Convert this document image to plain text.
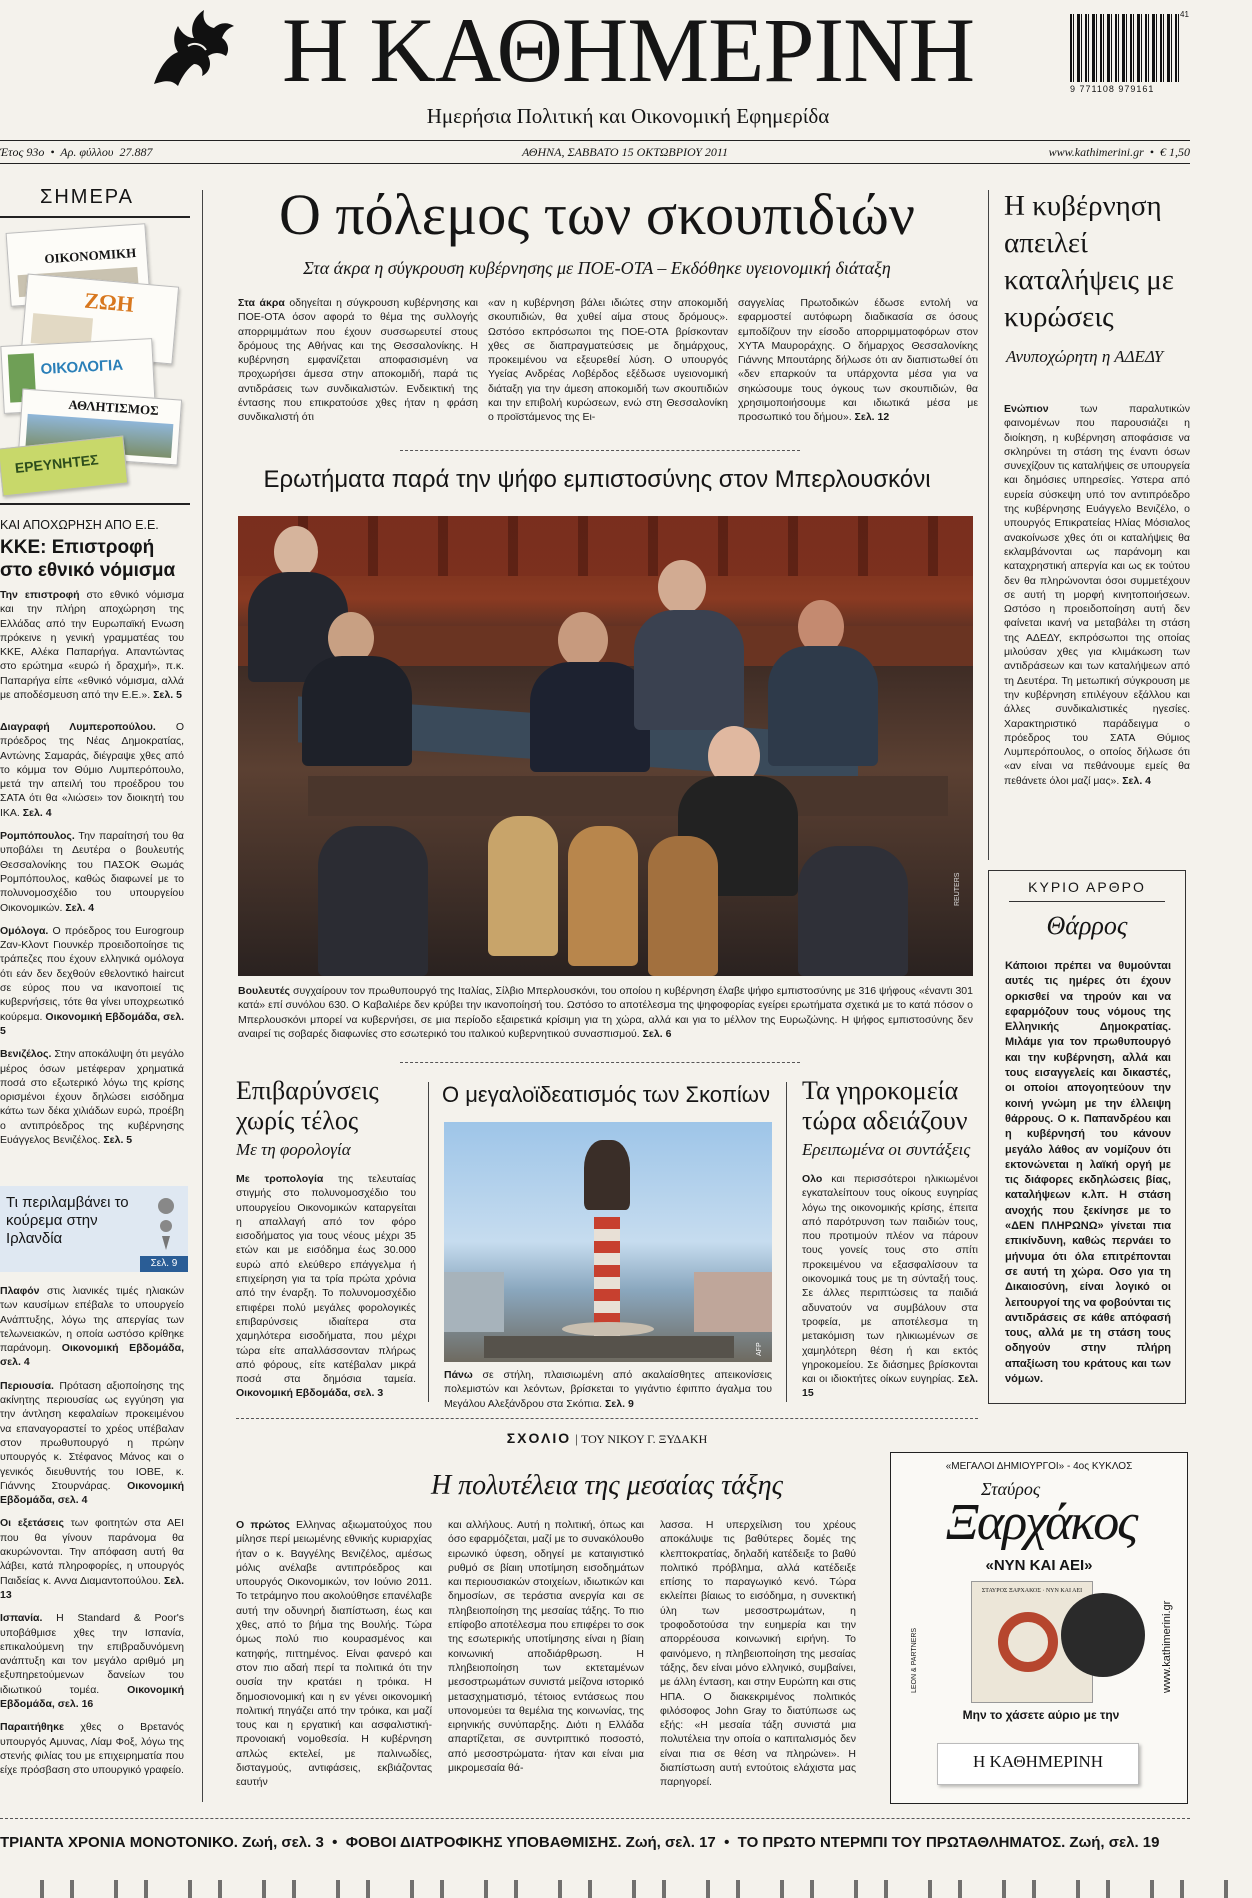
Η ΚΑΘΗΜΕΡΙΝΗ
Ημερήσια Πολιτική και Οικονομική Εφημερίδα
41
9 771108 979161
Έτος 93ο  •  Αρ. φύλλου  27.887	ΑΘΗΝΑ, ΣΑΒΒΑΤΟ 15 ΟΚΤΩΒΡΙΟΥ 2011	www.kathimerini.gr  •  € 1,50
ΣΗΜΕΡΑ
ΟΙΚΟΝΟΜΙΚΗ
ΖΩΗ
ΟΙΚΟΛΟΓΙΑ
ΑΘΛΗΤΙΣΜΟΣ
ΕΡΕΥΝΗΤΕΣ
ΚΑΙ ΑΠΟΧΩΡΗΣΗ ΑΠΟ Ε.Ε.
ΚΚΕ: Επιστροφή στο εθνικό νόμισμα
Την επιστροφή στο εθνικό νόμισμα και την πλήρη αποχώρηση της Ελλάδας από την Ευρωπαϊκή Ενωση πρόκεινε η γενική γραμματέας του ΚΚΕ, Αλέκα Παπαρήγα. Απαντώντας στο ερώτημα «ευρώ ή δραχμή», π.κ. Παπαρήγα είπε «εθνικό νόμισμα, αλλά με αποδέσμευση από την Ε.Ε.». Σελ. 5

Διαγραφή Λυμπεροπούλου. Ο πρόεδρος της Νέας Δημοκρατίας, Αντώνης Σαμαράς, διέγραψε χθες από το κόμμα τον Θύμιο Λυμπερόπουλο, μετά την απειλή του προέδρου του ΣΑΤΑ ότι θα «λιώσει» τον διοικητή του ΙΚΑ. Σελ. 4

Ρομπόπουλος. Την παραίτησή του θα υποβάλει τη Δευτέρα ο βουλευτής Θεσσαλονίκης του ΠΑΣΟΚ Θωμάς Ρομπόπουλος, καθώς διαφωνεί με το πολυνομοσχέδιο του υπουργείου Οικονομικών. Σελ. 4

Ομόλογα. Ο πρόεδρος του Eurogroup Ζαν-Κλοντ Γιουνκέρ προειδοποίησε τις τράπεζες που έχουν ελληνικά ομόλογα ότι εάν δεν δεχθούν εθελοντικό haircut σε εύρος που να ικανοποιεί τις κυβερνήσεις, τότε θα γίνει υποχρεωτικό κούρεμα. Οικονομική Εβδομάδα, σελ. 5

Βενιζέλος. Στην αποκάλυψη ότι μεγάλο μέρος όσων μετέφεραν χρηματικά ποσά στο εξωτερικό λόγω της κρίσης ορισμένοι έχουν δηλώσει εισόδημα κάτω των δέκα χιλιάδων ευρώ, προέβη ο αντιπρόεδρος της κυβέρνησης Ευάγγελος Βενιζέλος. Σελ. 5

Τι περιλαμβάνει το κούρεμα στην Ιρλανδία
Σελ. 9

Πλαφόν στις λιανικές τιμές ηλιακών των καυσίμων επέβαλε το υπουργείο Ανάπτυξης, λόγω της απεργίας των τελωνειακών, η οποία ωστόσο κρίθηκε παράνομη. Οικονομική Εβδομάδα, σελ. 4

Περιουσία. Πρόταση αξιοποίησης της ακίνητης περιουσίας ως εγγύηση για την άντληση κεφαλαίων προκειμένου να επαναγοραστεί το χρέος υπέβαλαν στον πρωθυπουργό η πρώην υπουργός κ. Στέφανος Μάνος και ο γενικός διευθυντής του ΙΟΒΕ, κ. Γιάννης Στουρνάρας. Οικονομική Εβδομάδα, σελ. 4

Οι εξετάσεις των φοιτητών στα ΑΕΙ που θα γίνουν παράνομα θα ακυρώνονται. Την απόφαση αυτή θα λάβει, κατά πληροφορίες, η υπουργός Παιδείας κ. Αννα Διαμαντοπούλου. Σελ. 13

Ισπανία. Η Standard & Poor's υποβάθμισε χθες την Ισπανία, επικαλούμενη την επιβραδυνόμενη ανάπτυξη και τον μεγάλο αριθμό μη εξυπηρετούμενων δανείων του ιδιωτικού τομέα. Οικονομική Εβδομάδα, σελ. 16

Παραιτήθηκε χθες ο Βρετανός υπουργός Αμυνας, Λίαμ Φοξ, λόγω της στενής φιλίας του με επιχειρηματία που είχε πρόσβαση στο υπουργικό γραφείο.

Ο πόλεμος των σκουπιδιών
Στα άκρα η σύγκρουση κυβέρνησης με ΠΟΕ-ΟΤΑ – Εκδόθηκε υγειονομική διάταξη
Στα άκρα οδηγείται η σύγκρουση κυβέρνησης και ΠΟΕ-ΟΤΑ όσον αφορά το θέμα της συλλογής απορριμμάτων που έχουν συσσωρευτεί στους δρόμους της Αθήνας και της Θεσσαλονίκης. Η κυβέρνηση εμφανίζεται αποφασισμένη να προχωρήσει άμεσα στην αποκομιδή, παρά τις αντιδράσεις των συνδικαλιστών. Ενδεικτική της έντασης που επικρατούσε χθες ήταν η φράση συνδικαλιστή ότι
«αν η κυβέρνηση βάλει ιδιώτες στην αποκομιδή σκουπιδιών, θα χυθεί αίμα στους δρόμους». Ωστόσο εκπρόσωποι της ΠΟΕ-ΟΤΑ βρίσκονταν χθες σε διαπραγματεύσεις με δημάρχους, προκειμένου να εξευρεθεί λύση. Ο υπουργός Υγείας Ανδρέας Λοβέρδος εξέδωσε υγειονομική διάταξη για την άμεση αποκομιδή των σκουπιδιών και την επιβολή κυρώσεων, ενώ στη Θεσσαλονίκη ο προϊστάμενος της Ει-
σαγγελίας Πρωτοδικών έδωσε εντολή να εφαρμοστεί αυτόφωρη διαδικασία σε όσους εμποδίζουν την είσοδο απορριμματοφόρων στον ΧΥΤΑ Μαυροράχης. Ο δήμαρχος Θεσσαλονίκης Γιάννης Μπουτάρης δήλωσε ότι αν διαπιστωθεί ότι «δεν επαρκούν τα υπάρχοντα μέσα για να σηκώσουμε τους όγκους των σκουπιδιών, θα χρησιμοποιήσουμε και ιδιωτικά μέσα με προσωπικό του δήμου». Σελ. 12
Ερωτήματα παρά την ψήφο εμπιστοσύνης στον Μπερλουσκόνι
REUTERS
Βουλευτές συγχαίρουν τον πρωθυπουργό της Ιταλίας, Σίλβιο Μπερλουσκόνι, του οποίου η κυβέρνηση έλαβε ψήφο εμπιστοσύνης με 316 ψήφους «έναντι 301 κατά» επί συνόλου 630. Ο Καβαλιέρε δεν κρύβει την ικανοποίησή του. Ωστόσο το αποτέλεσμα της ψηφοφορίας εγείρει ερωτήματα σχετικά με το κατά πόσον ο Μπερλουσκόνι μπορεί να κυβερνήσει, σε μια περίοδο εξαιρετικά κρίσιμη για τη χώρα, αλλά και για το μέλλον της Ευρωζώνης. Η ψήφος εμπιστοσύνης δεν αναιρεί τις σοβαρές διαφωνίες στο εσωτερικό του ιταλικού κυβερνητικού συνασπισμού. Σελ. 6
Η κυβέρνηση απειλεί καταλήψεις με κυρώσεις
Ανυποχώρητη η ΑΔΕΔΥ
Ενώπιον των παραλυτικών φαινομένων που παρουσιάζει η διοίκηση, η κυβέρνηση αποφάσισε να σκληρύνει τη στάση της έναντι όσων συνεχίζουν τις καταλήψεις σε υπουργεία και δημόσιες υπηρεσίες. Υστερα από ευρεία σύσκεψη υπό τον αντιπρόεδρο της κυβέρνησης Ευάγγελο Βενιζέλο, ο υπουργός Επικρατείας Ηλίας Μόσιαλος ανακοίνωσε χθες ότι οι καταλήψεις θα εκλαμβάνονται ως παράνομη και καταχρηστική απεργία και ως εκ τούτου δεν θα πληρώνονται όσοι συμμετέχουν σε αυτή τη μορφή κινητοποιήσεων. Ωστόσο η προειδοποίηση αυτή δεν φαίνεται ικανή να μεταβάλει τη στάση της ΑΔΕΔΥ, εκπρόσωποι της οποίας μιλούσαν χθες για κλιμάκωση των αντιδράσεων και των καταλήψεων από τη Δευτέρα. Τη μετωπική σύγκρουση με την κυβέρνηση επιλέγουν εξάλλου και άλλες συνδικαλιστικές ηγεσίες. Χαρακτηριστικό παράδειγμα ο πρόεδρος του ΣΑΤΑ Θύμιος Λυμπερόπουλος, ο οποίος δήλωσε ότι «αν είναι να πεθάνουμε εμείς θα πεθάνετε όλοι μαζί μας». Σελ. 4
ΚΥΡΙΟ ΑΡΘΡΟ
Θάρρος
Κάποιοι πρέπει να θυμούνται αυτές τις ημέρες ότι έχουν ορκισθεί να τηρούν και να εφαρμόζουν τους νόμους της Ελληνικής Δημοκρατίας. Μιλάμε για τον πρωθυπουργό και την κυβέρνηση, αλλά και τους εισαγγελείς και δικαστές, οι οποίοι απογοητεύουν την κοινή γνώμη με την έλλειψη θάρρους. Ο κ. Παπανδρέου και η κυβέρνησή του κάνουν μεγάλο λάθος αν νομίζουν ότι εκτονώνεται η λαϊκή οργή με τις διάφορες εκδηλώσεις βίας, καταλήψεων κ.λπ. Η στάση ανοχής που ξεκίνησε με το «ΔΕΝ ΠΛΗΡΩΝΩ» γίνεται πια επικίνδυνη, καθώς περνάει το μήνυμα ότι όλα επιτρέπονται σε αυτή τη χώρα. Οσο για τη Δικαιοσύνη, είναι λογικό οι λειτουργοί της να φοβούνται τις αντιδράσεις σε κάθε απόφασή τους, αλλά με τη στάση τους οδηγούν στην πλήρη απαξίωση του κράτους και των νόμων.
Επιβαρύνσεις χωρίς τέλος
Με τη φορολογία
Με τροπολογία της τελευταίας στιγμής στο πολυνομοσχέδιο του υπουργείου Οικονομικών καταργείται η απαλλαγή από τον φόρο εισοδήματος για τους νέους μέχρι 35 ετών και με εισόδημα έως 30.000 ευρώ από ελεύθερο επάγγελμα ή επιχείρηση για τα τρία πρώτα χρόνια από την έναρξη. Το πολυνομοσχέδιο επιφέρει πολύ μεγάλες φορολογικές επιβαρύνσεις ιδιαίτερα στα χαμηλότερα εισοδήματα, που μέχρι τώρα είτε απαλλάσσονταν πλήρως από φόρους, είτε κατέβαλαν μικρά ποσά στα δημόσια ταμεία. Οικονομική Εβδομάδα, σελ. 3
Ο μεγαλοϊδεατισμός των Σκοπίων
AFP
Πάνω σε στήλη, πλαισιωμένη από ακαλαίσθητες απεικονίσεις πολεμιστών και λεόντων, βρίσκεται το γιγάντιο έφιππο άγαλμα του Μεγάλου Αλεξάνδρου στα Σκόπια. Σελ. 9
Τα γηροκομεία τώρα αδειάζουν
Ερειπωμένα οι συντάξεις
Ολο και περισσότεροι ηλικιωμένοι εγκαταλείπουν τους οίκους ευγηρίας λόγω της οικονομικής κρίσης, έπειτα από παρότρυνση των παιδιών τους, που προτιμούν πλέον να πάρουν τους γονείς τους στο σπίτι προκειμένου να εξασφαλίσουν τα οικονομικά τους με τη σύνταξή τους. Σε άλλες περιπτώσεις τα παιδιά αδυνατούν να συμβάλουν στα τροφεία, με αποτέλεσμα τη μετακόμιση των ηλικιωμένων σε χαμηλότερη θέση ή και εκτός γηροκομείου. Σε διάσημες βρίσκονται και οι ιδιοκτήτες οίκων ευγηρίας. Σελ. 15
ΣΧΟΛΙΟ | ΤΟΥ ΝΙΚΟΥ Γ. ΞΥΔΑΚΗ
Η πολυτέλεια της μεσαίας τάξης
Ο πρώτος Ελληνας αξιωματούχος που μίλησε περί μειωμένης εθνικής κυριαρχίας ήταν ο κ. Βαγγέλης Βενιζέλος, αμέσως μόλις ανέλαβε αντιπρόεδρος και υπουργός Οικονομικών, τον Ιούνιο 2011. Το τετράμηνο που ακολούθησε επανέλαβε αυτή την οδυνηρή διαπίστωση, έως και χθες, από το βήμα της Βουλής. Τώρα όμως πολύ πιο κουρασμένος και κατηφής, πιττημένος. Είναι φανερό και στον πιο αδαή περί τα πολιτικά ότι την ουσία την κρατάει η τρόικα. Η δημοσιονομική και η εν γένει οικονομική πολιτική πηγάζει από την τρόικα, και μαζί τους και η εργατική και ασφαλιστική-προνοιακή νομοθεσία. Η κυβέρνηση απλώς εκτελεί, με παλινωδίες, δισταγμούς, αντιφάσεις, εκβιάζοντας εαυτήν
και αλλήλους. Αυτή η πολιτική, όπως και όσο εφαρμόζεται, μαζί με το συνακόλουθο ειρωνικό ύφεση, οδηγεί με καταιγιστικό ρυθμό σε βίαιη υποτίμηση εισοδημάτων και περιουσιακών στοιχείων, ιδιωτικών και δημοσίων, σε τεράστια ανεργία και σε πληβειοποίηση της μεσαίας τάξης. Το πιο επίφοβο αποτέλεσμα που επιφέρει το σοκ της εσωτερικής υποτίμησης είναι η βίαιη κοινωνική αποδιάρθρωση. Η πληβειοποίηση των εκτεταμένων μεσοστρωμάτων συνιστά μείζονα ιστορικό μετασχηματισμό, τέτοιος εντάσεως που υπονομεύει τα θεμέλια της κοινωνίας, της ειρηνικής συνύπαρξης. Διότι η Ελλάδα απαρτίζεται, σε συντριπτικό ποσοστό, από μεσοστρώματα· ήταν και είναι μια μικρομεσαία θά-
λασσα. Η υπερχείλιση του χρέους αποκάλυψε τις βαθύτερες δομές της κλεπτοκρατίας, δηλαδή κατέδειξε το βαθύ πολιτικό πρόβλημα, αλλά κατέδειξε επίσης το παραγωγικό κενό. Τώρα εκλείπει βίαιως το εισόδημα, η συνεκτική ύλη των μεσοστρωμάτων, η τροφοδοτούσα την ευημερία και την απορρέουσα κοινωνική ειρήνη. Το φαινόμενο, η πληβειοποίηση της μεσαίας τάξης, δεν είναι μόνο ελληνικό, συμβαίνει, με άλλη ένταση, και στην Ευρώπη και στις ΗΠΑ. Ο διακεκριμένος πολιτικός φιλόσοφος John Gray το διατύπωσε ως εξής: «Η μεσαία τάξη συνιστά μια πολυτέλεια την οποία ο καπιταλισμός δεν είναι πια σε θέση να πληρώνει». Η διαπίστωση αυτή εντούτοις ελάχιστα μας παρηγορεί.
«ΜΕΓΑΛΟΙ ΔΗΜΙΟΥΡΓΟΙ» - 4ος ΚΥΚΛΟΣ
Σταύρος
Ξαρχάκος
«ΝΥΝ ΚΑΙ ΑΕΙ»
ΣΤΑΥΡΟΣ ΞΑΡΧΑΚΟΣ · ΝΥΝ ΚΑΙ ΑΕΙ
LEON & PARTNERS	www.kathimerini.gr
Μην το χάσετε αύριο με την
Η ΚΑΘΗΜΕΡΙΝΗ
ΤΡΙΑΝΤΑ ΧΡΟΝΙΑ ΜΟΝΟΤΟΝΙΚΟ. Ζωή, σελ. 3  •  ΦΟΒΟΙ ΔΙΑΤΡΟΦΙΚΗΣ ΥΠΟΒΑΘΜΙΣΗΣ. Ζωή, σελ. 17  •  ΤΟ ΠΡΩΤΟ ΝΤΕΡΜΠΙ ΤΟΥ ΠΡΩΤΑΘΛΗΜΑΤΟΣ. Ζωή, σελ. 19
